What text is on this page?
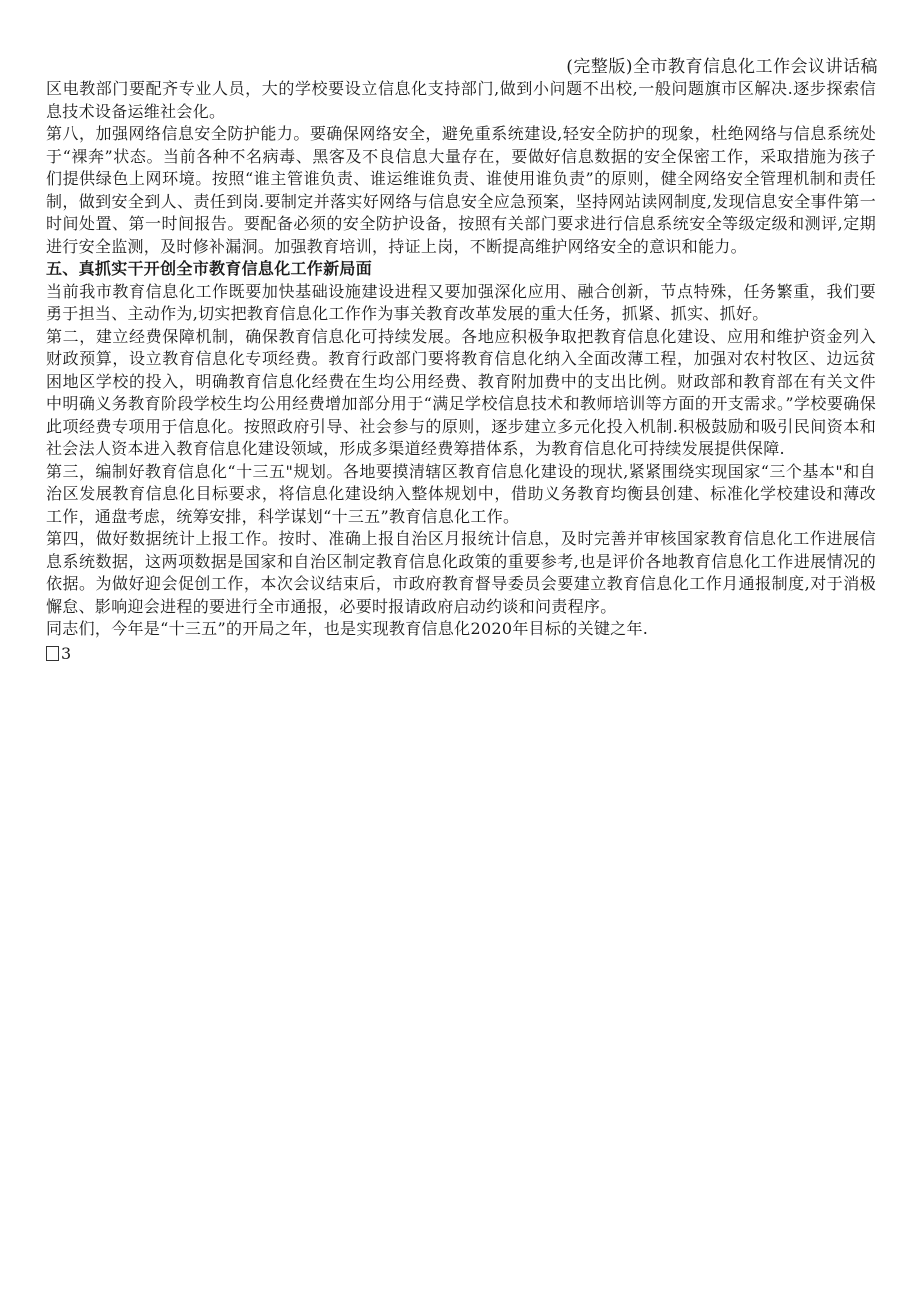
(完整版)全市教育信息化工作会议讲话稿

区电教部门要配齐专业人员，大的学校要设立信息化支持部门,做到小问题不出校,一般问题旗市区解决.逐步探索信息技术设备运维社会化。

第八，加强网络信息安全防护能力。要确保网络安全，避免重系统建设,轻安全防护的现象，杜绝网络与信息系统处于“裸奔”状态。当前各种不名病毒、黑客及不良信息大量存在，要做好信息数据的安全保密工作，采取措施为孩子们提供绿色上网环境。按照“谁主管谁负责、谁运维谁负责、谁使用谁负责”的原则，健全网络安全管理机制和责任制，做到安全到人、责任到岗.要制定并落实好网络与信息安全应急预案，坚持网站读网制度,发现信息安全事件第一时间处置、第一时间报告。要配备必须的安全防护设备，按照有关部门要求进行信息系统安全等级定级和测评,定期进行安全监测，及时修补漏洞。加强教育培训，持证上岗，不断提高维护网络安全的意识和能力。

五、真抓实干开创全市教育信息化工作新局面

当前我市教育信息化工作既要加快基础设施建设进程又要加强深化应用、融合创新，节点特殊，任务繁重，我们要勇于担当、主动作为,切实把教育信息化工作作为事关教育改革发展的重大任务，抓紧、抓实、抓好。

第二，建立经费保障机制，确保教育信息化可持续发展。各地应积极争取把教育信息化建设、应用和维护资金列入财政预算，设立教育信息化专项经费。教育行政部门要将教育信息化纳入全面改薄工程，加强对农村牧区、边远贫困地区学校的投入，明确教育信息化经费在生均公用经费、教育附加费中的支出比例。财政部和教育部在有关文件中明确义务教育阶段学校生均公用经费增加部分用于“满足学校信息技术和教师培训等方面的开支需求。”学校要确保此项经费专项用于信息化。按照政府引导、社会参与的原则，逐步建立多元化投入机制.积极鼓励和吸引民间资本和社会法人资本进入教育信息化建设领域，形成多渠道经费筹措体系，为教育信息化可持续发展提供保障.

第三，编制好教育信息化“十三五"规划。各地要摸清辖区教育信息化建设的现状,紧紧围绕实现国家“三个基本"和自治区发展教育信息化目标要求，将信息化建设纳入整体规划中，借助义务教育均衡县创建、标准化学校建设和薄改工作，通盘考虑，统筹安排，科学谋划“十三五”教育信息化工作。

第四，做好数据统计上报工作。按时、准确上报自治区月报统计信息，及时完善并审核国家教育信息化工作进展信息系统数据，这两项数据是国家和自治区制定教育信息化政策的重要参考,也是评价各地教育信息化工作进展情况的依据。为做好迎会促创工作，本次会议结束后，市政府教育督导委员会要建立教育信息化工作月通报制度,对于消极懈怠、影响迎会进程的要进行全市通报，必要时报请政府启动约谈和问责程序。

同志们，今年是“十三五”的开局之年，也是实现教育信息化2020年目标的关键之年.

3
